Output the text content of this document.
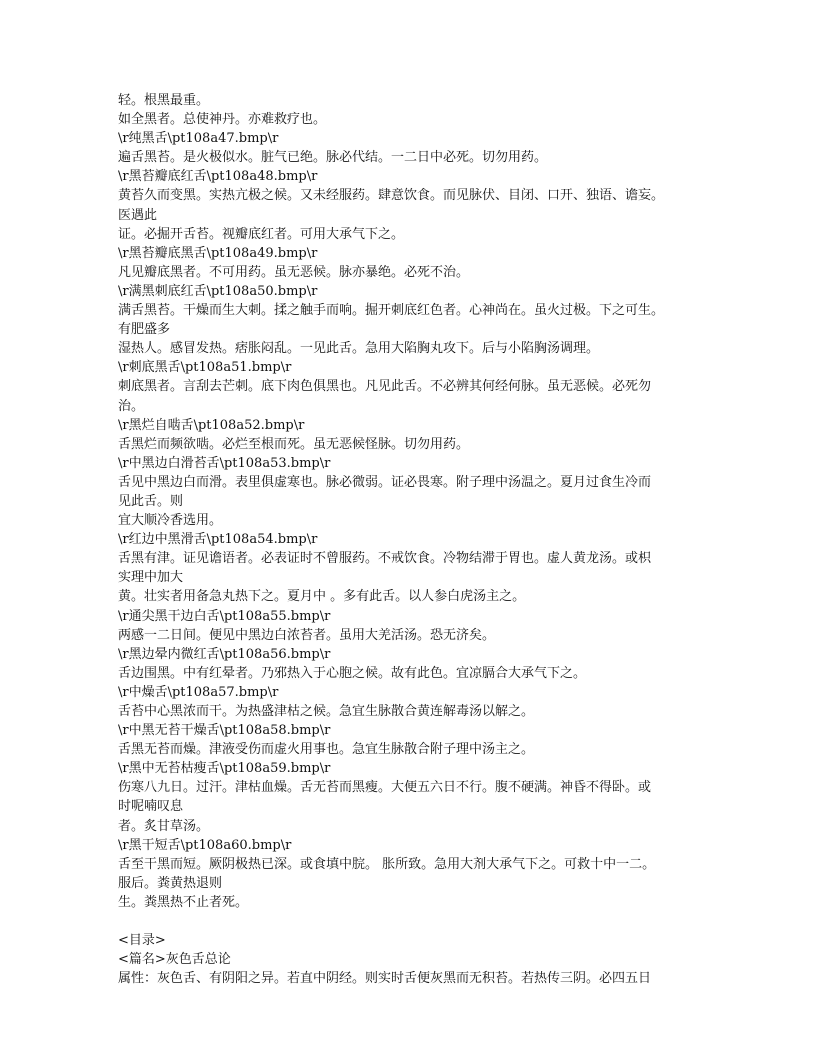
轻。根黑最重。
如全黑者。总使神丹。亦难救疗也。
\r纯黑舌\pt108a47.bmp\r
遍舌黑苔。是火极似水。脏气已绝。脉必代结。一二日中必死。切勿用药。
\r黑苔瓣底红舌\pt108a48.bmp\r
黄苔久而变黑。实热亢极之候。又未经服药。肆意饮食。而见脉伏、目闭、口开、独语、谵妄。
医遇此
证。必掘开舌苔。视瓣底红者。可用大承气下之。
\r黑苔瓣底黑舌\pt108a49.bmp\r
凡见瓣底黑者。不可用药。虽无恶候。脉亦暴绝。必死不治。
\r满黑刺底红舌\pt108a50.bmp\r
满舌黑苔。干燥而生大刺。揉之触手而响。掘开刺底红色者。心神尚在。虽火过极。下之可生。
有肥盛多
湿热人。感冒发热。痞胀闷乱。一见此舌。急用大陷胸丸攻下。后与小陷胸汤调理。
\r刺底黑舌\pt108a51.bmp\r
刺底黑者。言刮去芒刺。底下肉色俱黑也。凡见此舌。不必辨其何经何脉。虽无恶候。必死勿
治。
\r黑烂自啮舌\pt108a52.bmp\r
舌黑烂而频欲啮。必烂至根而死。虽无恶候怪脉。切勿用药。
\r中黑边白滑苔舌\pt108a53.bmp\r
舌见中黑边白而滑。表里俱虚寒也。脉必微弱。证必畏寒。附子理中汤温之。夏月过食生冷而
见此舌。则
宜大顺冷香选用。
\r红边中黑滑舌\pt108a54.bmp\r
舌黑有津。证见谵语者。必表证时不曾服药。不戒饮食。冷物结滞于胃也。虚人黄龙汤。或枳
实理中加大
黄。壮实者用备急丸热下之。夏月中 。多有此舌。以人参白虎汤主之。
\r通尖黑干边白舌\pt108a55.bmp\r
两感一二日间。便见中黑边白浓苔者。虽用大羌活汤。恐无济矣。
\r黑边晕内微红舌\pt108a56.bmp\r
舌边围黑。中有红晕者。乃邪热入于心胞之候。故有此色。宜凉膈合大承气下之。
\r中燥舌\pt108a57.bmp\r
舌苔中心黑浓而干。为热盛津枯之候。急宜生脉散合黄连解毒汤以解之。
\r中黑无苔干燥舌\pt108a58.bmp\r
舌黑无苔而燥。津液受伤而虚火用事也。急宜生脉散合附子理中汤主之。
\r黑中无苔枯瘦舌\pt108a59.bmp\r
伤寒八九日。过汗。津枯血燥。舌无苔而黑瘦。大便五六日不行。腹不硬满。神昏不得卧。或
时呢喃叹息
者。炙甘草汤。
\r黑干短舌\pt108a60.bmp\r
舌至干黑而短。厥阴极热已深。或食填中脘。 胀所致。急用大剂大承气下之。可救十中一二。
服后。粪黄热退则
生。粪黑热不止者死。
<目录>
<篇名>灰色舌总论
属性：灰色舌、有阴阳之异。若直中阴经。则实时舌便灰黑而无积苔。若热传三阴。必四五日
